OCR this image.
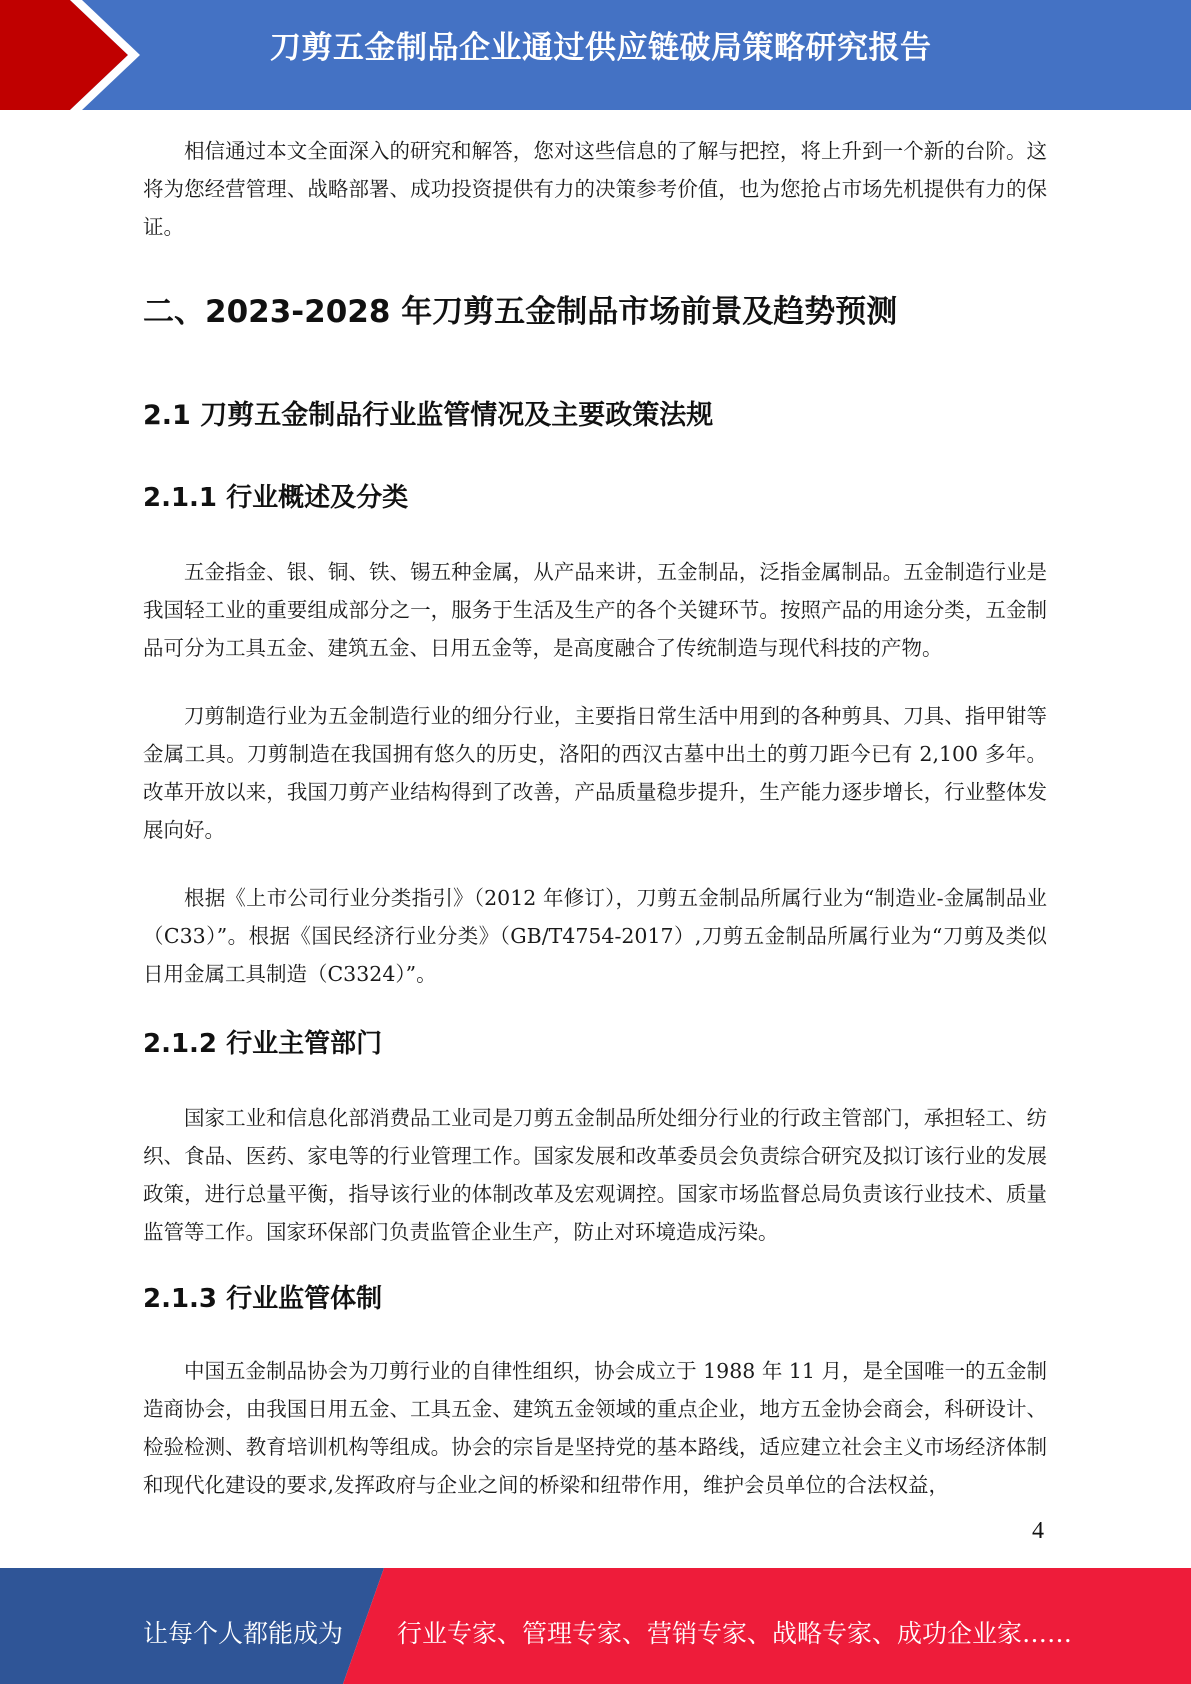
刀剪五金制品企业通过供应链破局策略研究报告

相信通过本文全面深入的研究和解答，您对这些信息的了解与把控，将上升到一个新的台阶。这将为您经营管理、战略部署、成功投资提供有力的决策参考价值，也为您抢占市场先机提供有力的保证。

二、2023-2028 年刀剪五金制品市场前景及趋势预测
2.1 刀剪五金制品行业监管情况及主要政策法规
2.1.1 行业概述及分类

五金指金、银、铜、铁、锡五种金属，从产品来讲，五金制品，泛指金属制品。五金制造行业是我国轻工业的重要组成部分之一，服务于生活及生产的各个关键环节。按照产品的用途分类，五金制品可分为工具五金、建筑五金、日用五金等，是高度融合了传统制造与现代科技的产物。

刀剪制造行业为五金制造行业的细分行业，主要指日常生活中用到的各种剪具、刀具、指甲钳等金属工具。刀剪制造在我国拥有悠久的历史，洛阳的西汉古墓中出土的剪刀距今已有 2,100 多年。改革开放以来，我国刀剪产业结构得到了改善，产品质量稳步提升，生产能力逐步增长，行业整体发展向好。

根据《上市公司行业分类指引》（2012 年修订），刀剪五金制品所属行业为“制造业-金属制品业（C33）”。根据《国民经济行业分类》（GB/T4754-2017）,刀剪五金制品所属行业为“刀剪及类似日用金属工具制造（C3324）”。

2.1.2 行业主管部门

国家工业和信息化部消费品工业司是刀剪五金制品所处细分行业的行政主管部门，承担轻工、纺织、食品、医药、家电等的行业管理工作。国家发展和改革委员会负责综合研究及拟订该行业的发展政策，进行总量平衡，指导该行业的体制改革及宏观调控。国家市场监督总局负责该行业技术、质量监管等工作。国家环保部门负责监管企业生产，防止对环境造成污染。

2.1.3 行业监管体制

中国五金制品协会为刀剪行业的自律性组织，协会成立于 1988 年 11 月，是全国唯一的五金制造商协会，由我国日用五金、工具五金、建筑五金领域的重点企业，地方五金协会商会，科研设计、检验检测、教育培训机构等组成。协会的宗旨是坚持党的基本路线，适应建立社会主义市场经济体制和现代化建设的要求,发挥政府与企业之间的桥梁和纽带作用，维护会员单位的合法权益，

4
让每个人都能成为 行业专家、管理专家、营销专家、战略专家、成功企业家……
